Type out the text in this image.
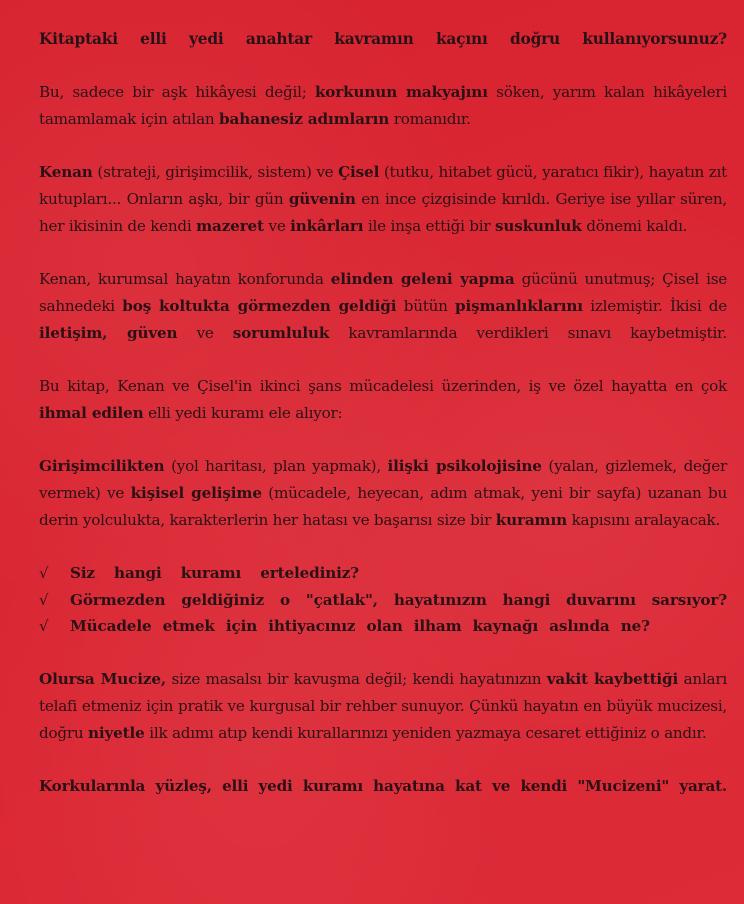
Kitaptaki elli yedi anahtar kavramın kaçını doğru kullanıyorsunuz?

Bu, sadece bir aşk hikâyesi değil; korkunun makyajını söken, yarım kalan hikâyeleri tamamlamak için atılan bahanesiz adımların romanıdır.

Kenan (strateji, girişimcilik, sistem) ve Çisel (tutku, hitabet gücü, yaratıcı fikir), hayatın zıt kutupları... Onların aşkı, bir gün güvenin en ince çizgisinde kırıldı. Geriye ise yıllar süren, her ikisinin de kendi mazeret ve inkârları ile inşa ettiği bir suskunluk dönemi kaldı.

Kenan, kurumsal hayatın konforunda elinden geleni yapma gücünü unutmuş; Çisel ise sahnedeki boş koltukta görmezden geldiği bütün pişmanlıklarını izlemiştir. İkisi de iletişim, güven ve sorumluluk kavramlarında verdikleri sınavı kaybetmiştir.

Bu kitap, Kenan ve Çisel'in ikinci şans mücadelesi üzerinden, iş ve özel hayatta en çok ihmal edilen elli yedi kuramı ele alıyor:

Girişimcilikten (yol haritası, plan yapmak), ilişki psikolojisine (yalan, gizlemek, değer vermek) ve kişisel gelişime (mücadele, heyecan, adım atmak, yeni bir sayfa) uzanan bu derin yolculukta, karakterlerin her hatası ve başarısı size bir kuramın kapısını aralayacak.

√	Siz hangi kuramı ertelediniz?
√	Görmezden geldiğiniz o "çatlak", hayatınızın hangi duvarını sarsıyor?
√	Mücadele etmek için ihtiyacınız olan ilham kaynağı aslında ne?

Olursa Mucize, size masalsı bir kavuşma değil; kendi hayatınızın vakit kaybettiği anları telafi etmeniz için pratik ve kurgusal bir rehber sunuyor. Çünkü hayatın en büyük mucizesi, doğru niyetle ilk adımı atıp kendi kurallarınızı yeniden yazmaya cesaret ettiğiniz o andır.

Korkularınla yüzleş, elli yedi kuramı hayatına kat ve kendi "Mucizeni" yarat.
